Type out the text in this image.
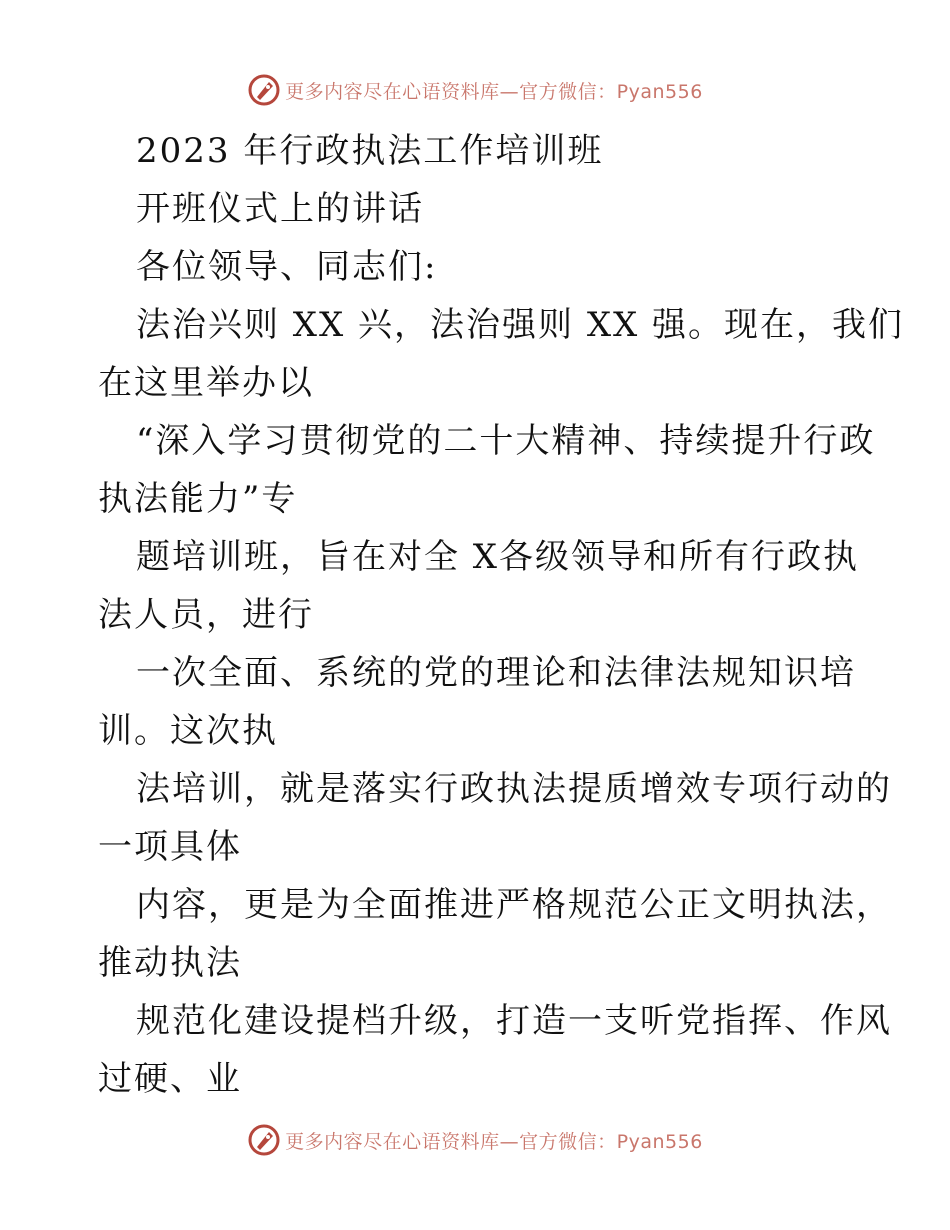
更多内容尽在心语资料库—官方微信：Pyan556
2023 年行政执法工作培训班
开班仪式上的讲话
各位领导、同志们:
法治兴则 XX 兴，法治强则 XX 强。现在，我们
在这里举办以
“深入学习贯彻党的二十大精神、持续提升行政
执法能力”专
题培训班，旨在对全 X各级领导和所有行政执
法人员，进行
一次全面、系统的党的理论和法律法规知识培
训。这次执
法培训，就是落实行政执法提质增效专项行动的
一项具体
内容，更是为全面推进严格规范公正文明执法，
推动执法
规范化建设提档升级，打造一支听党指挥、作风
过硬、业
更多内容尽在心语资料库—官方微信：Pyan556
